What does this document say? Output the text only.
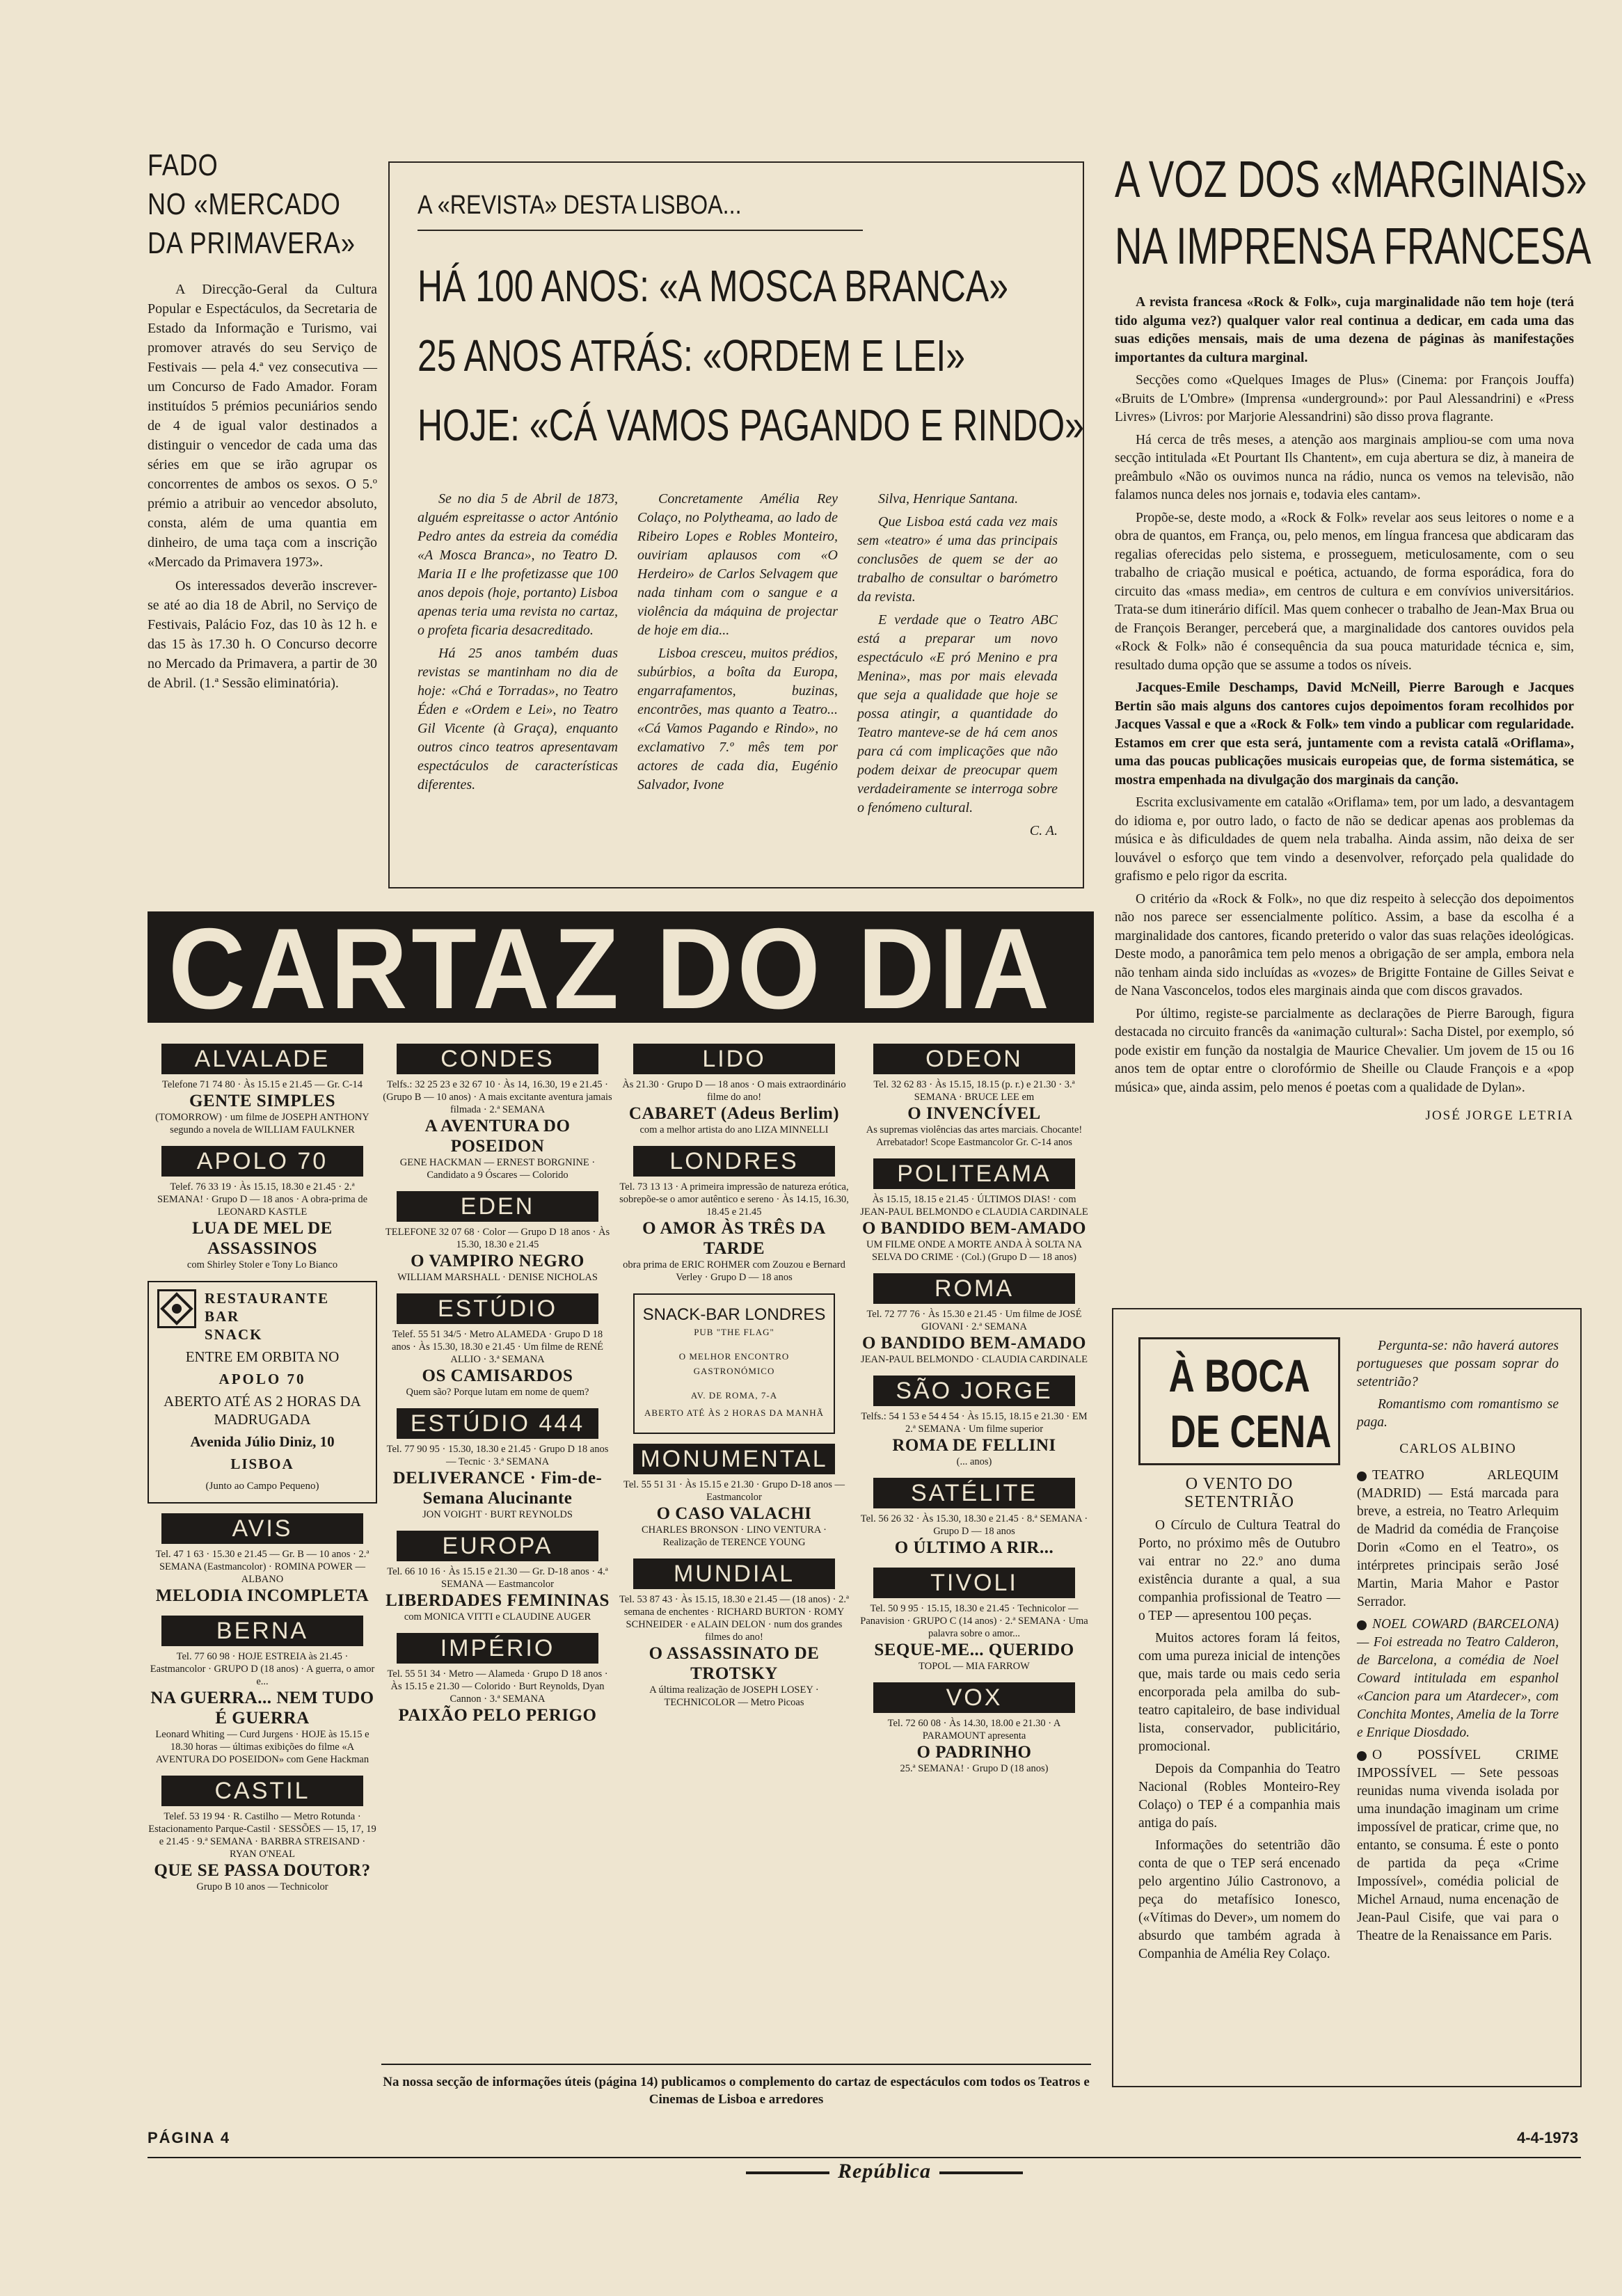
FADO
NO «MERCADO
DA PRIMAVERA»

A Direcção-Geral da Cultura Popular e Espectáculos, da Secretaria de Estado da Informação e Turismo, vai promover através do seu Serviço de Festivais — pela 4.ª vez consecutiva — um Concurso de Fado Amador. Foram instituídos 5 prémios pecuniários sendo de 4 de igual valor destinados a distinguir o vencedor de cada uma das séries em que se irão agrupar os concorrentes de ambos os sexos. O 5.º prémio a atribuir ao vencedor absoluto, consta, além de uma quantia em dinheiro, de uma taça com a inscrição «Mercado da Primavera 1973».

Os interessados deverão inscrever-se até ao dia 18 de Abril, no Serviço de Festivais, Palácio Foz, das 10 às 12 h. e das 15 às 17.30 h. O Concurso decorre no Mercado da Primavera, a partir de 30 de Abril. (1.ª Sessão eliminatória).

A «REVISTA» DESTA LISBOA...
HÁ 100 ANOS: «A MOSCA BRANCA»
25 ANOS ATRÁS: «ORDEM E LEI»
HOJE: «CÁ VAMOS PAGANDO E RINDO»

Se no dia 5 de Abril de 1873, alguém espreitasse o actor António Pedro antes da estreia da comédia «A Mosca Branca», no Teatro D. Maria II e lhe profetizasse que 100 anos depois (hoje, portanto) Lisboa apenas teria uma revista no cartaz, o profeta ficaria desacreditado.

Há 25 anos também duas revistas se mantinham no dia de hoje: «Chá e Torradas», no Teatro Éden e «Ordem e Lei», no Teatro Gil Vicente (à Graça), enquanto outros cinco teatros apresentavam espectáculos de características diferentes.

Concretamente Amélia Rey Colaço, no Polytheama, ao lado de Ribeiro Lopes e Robles Monteiro, ouviriam aplausos com «O Herdeiro» de Carlos Selvagem que nada tinham com o sangue e a violência da máquina de projectar de hoje em dia...

Lisboa cresceu, muitos prédios, subúrbios, a boîta da Europa, engarrafamentos, buzinas, encontrões, mas quanto a Teatro... «Cá Vamos Pagando e Rindo», no exclamativo 7.º mês tem por actores de cada dia, Eugénio Salvador, Ivone

Silva, Henrique Santana.

Que Lisboa está cada vez mais sem «teatro» é uma das principais conclusões de quem se der ao trabalho de consultar o barómetro da revista.

E verdade que o Teatro ABC está a preparar um novo espectáculo «E pró Menino e pra Menina», mas por mais elevada que seja a qualidade que hoje se possa atingir, a quantidade do Teatro manteve-se de há cem anos para cá com implicações que não podem deixar de preocupar quem verdadeiramente se interroga sobre o fenómeno cultural.

C. A.

A VOZ DOS «MARGINAIS»
NA IMPRENSA FRANCESA

A revista francesa «Rock & Folk», cuja marginalidade não tem hoje (terá tido alguma vez?) qualquer valor real continua a dedicar, em cada uma das suas edições mensais, mais de uma dezena de páginas às manifestações importantes da cultura marginal.

Secções como «Quelques Images de Plus» (Cinema: por François Jouffa) «Bruits de L'Ombre» (Imprensa «underground»: por Paul Alessandrini) e «Press Livres» (Livros: por Marjorie Alessandrini) são disso prova flagrante.

Há cerca de três meses, a atenção aos marginais ampliou-se com uma nova secção intitulada «Et Pourtant Ils Chantent», em cuja abertura se diz, à maneira de preâmbulo «Não os ouvimos nunca na rádio, nunca os vemos na televisão, não falamos nunca deles nos jornais e, todavia eles cantam».

Propõe-se, deste modo, a «Rock & Folk» revelar aos seus leitores o nome e a obra de quantos, em França, ou, pelo menos, em língua francesa que abdicaram das regalias oferecidas pelo sistema, e prosseguem, meticulosamente, com o seu trabalho de criação musical e poética, actuando, de forma esporádica, fora do circuito das «mass media», em centros de cultura e em convívios universitários. Trata-se dum itinerário difícil. Mas quem conhecer o trabalho de Jean-Max Brua ou de François Beranger, perceberá que, a marginalidade dos cantores ouvidos pela «Rock & Folk» não é consequência da sua pouca maturidade técnica e, sim, resultado duma opção que se assume a todos os níveis.

Jacques-Emile Deschamps, David McNeill, Pierre Barough e Jacques Bertin são mais alguns dos cantores cujos depoimentos foram recolhidos por Jacques Vassal e que a «Rock & Folk» tem vindo a publicar com regularidade. Estamos em crer que esta será, juntamente com a revista catalã «Oriflama», uma das poucas publicações musicais europeias que, de forma sistemática, se mostra empenhada na divulgação dos marginais da canção.

Escrita exclusivamente em catalão «Oriflama» tem, por um lado, a desvantagem do idioma e, por outro lado, o facto de não se dedicar apenas aos problemas da música e às dificuldades de quem nela trabalha. Ainda assim, não deixa de ser louvável o esforço que tem vindo a desenvolver, reforçado pela qualidade do grafismo e pelo rigor da escrita.

O critério da «Rock & Folk», no que diz respeito à selecção dos depoimentos não nos parece ser essencialmente político. Assim, a base da escolha é a marginalidade dos cantores, ficando preterido o valor das suas relações ideológicas. Deste modo, a panorâmica tem pelo menos a obrigação de ser ampla, embora nela não tenham ainda sido incluídas as «vozes» de Brigitte Fontaine de Gilles Seivat e de Nana Vasconcelos, todos eles marginais ainda que com discos gravados.

Por último, registe-se parcialmente as declarações de Pierre Barough, figura destacada no circuito francês da «animação cultural»: Sacha Distel, por exemplo, só pode existir em função da nostalgia de Maurice Chevalier. Um jovem de 15 ou 16 anos tem de optar entre o clorofórmio de Sheille ou Claude François e a «pop música» que, ainda assim, pelo menos é poetas com a qualidade de Dylan».

JOSÉ JORGE LETRIA

CARTAZ DO DIA
ALVALADE
Telefone 71 74 80 · Às 15.15 e 21.45 — Gr. C-14
GENTE SIMPLES
(TOMORROW) · um filme de JOSEPH ANTHONY segundo a novela de WILLIAM FAULKNER
APOLO 70
Telef. 76 33 19 · Às 15.15, 18.30 e 21.45 · 2.ª SEMANA! · Grupo D — 18 anos · A obra-prima de LEONARD KASTLE
LUA DE MEL DE ASSASSINOS
com Shirley Stoler e Tony Lo Bianco
RESTAURANTE
BAR
SNACK
ENTRE EM ORBITA NO
APOLO 70
ABERTO ATÉ AS 2 HORAS DA MADRUGADA
Avenida Júlio Diniz, 10
LISBOA
(Junto ao Campo Pequeno)
AVIS
Tel. 47 1 63 · 15.30 e 21.45 — Gr. B — 10 anos · 2.ª SEMANA (Eastmancolor) · ROMINA POWER — ALBANO
MELODIA INCOMPLETA
BERNA
Tel. 77 60 98 · HOJE ESTREIA às 21.45 · Eastmancolor · GRUPO D (18 anos) · A guerra, o amor e...
NA GUERRA... NEM TUDO É GUERRA
Leonard Whiting — Curd Jurgens · HOJE às 15.15 e 18.30 horas — últimas exibições do filme «A AVENTURA DO POSEIDON» com Gene Hackman
CASTIL
Telef. 53 19 94 · R. Castilho — Metro Rotunda · Estacionamento Parque-Castil · SESSÕES — 15, 17, 19 e 21.45 · 9.ª SEMANA · BARBRA STREISAND · RYAN O'NEAL
QUE SE PASSA DOUTOR?
Grupo B 10 anos — Technicolor
CONDES
Telfs.: 32 25 23 e 32 67 10 · Às 14, 16.30, 19 e 21.45 · (Grupo B — 10 anos) · A mais excitante aventura jamais filmada · 2.ª SEMANA
A AVENTURA DO POSEIDON
GENE HACKMAN — ERNEST BORGNINE · Candidato a 9 Óscares — Colorido
EDEN
TELEFONE 32 07 68 · Color — Grupo D 18 anos · Às 15.30, 18.30 e 21.45
O VAMPIRO NEGRO
WILLIAM MARSHALL · DENISE NICHOLAS
ESTÚDIO
Telef. 55 51 34/5 · Metro ALAMEDA · Grupo D 18 anos · Às 15.30, 18.30 e 21.45 · Um filme de RENÉ ALLIO · 3.ª SEMANA
OS CAMISARDOS
Quem são? Porque lutam em nome de quem?
ESTÚDIO 444
Tel. 77 90 95 · 15.30, 18.30 e 21.45 · Grupo D 18 anos — Tecnic · 3.ª SEMANA
DELIVERANCE · Fim-de-Semana Alucinante
JON VOIGHT · BURT REYNOLDS
EUROPA
Tel. 66 10 16 · Às 15.15 e 21.30 — Gr. D-18 anos · 4.ª SEMANA — Eastmancolor
LIBERDADES FEMININAS
com MONICA VITTI e CLAUDINE AUGER
IMPÉRIO
Tel. 55 51 34 · Metro — Alameda · Grupo D 18 anos · Às 15.15 e 21.30 — Colorido · Burt Reynolds, Dyan Cannon · 3.ª SEMANA
PAIXÃO PELO PERIGO
LIDO
Às 21.30 · Grupo D — 18 anos · O mais extraordinário filme do ano!
CABARET (Adeus Berlim)
com a melhor artista do ano LIZA MINNELLI
LONDRES
Tel. 73 13 13 · A primeira impressão de natureza erótica, sobrepõe-se o amor autêntico e sereno · Às 14.15, 16.30, 18.45 e 21.45
O AMOR ÀS TRÊS DA TARDE
obra prima de ERIC ROHMER com Zouzou e Bernard Verley · Grupo D — 18 anos
SNACK-BAR LONDRES
PUB "THE FLAG"
O MELHOR ENCONTRO GASTRONÓMICO
AV. DE ROMA, 7-A
ABERTO ATÉ ÀS 2 HORAS DA MANHÃ
MONUMENTAL
Tel. 55 51 31 · Às 15.15 e 21.30 · Grupo D-18 anos — Eastmancolor
O CASO VALACHI
CHARLES BRONSON · LINO VENTURA · Realização de TERENCE YOUNG
MUNDIAL
Tel. 53 87 43 · Às 15.15, 18.30 e 21.45 — (18 anos) · 2.ª semana de enchentes · RICHARD BURTON · ROMY SCHNEIDER · e ALAIN DELON · num dos grandes filmes do ano!
O ASSASSINATO DE TROTSKY
A última realização de JOSEPH LOSEY · TECHNICOLOR — Metro Picoas
ODEON
Tel. 32 62 83 · Às 15.15, 18.15 (p. r.) e 21.30 · 3.ª SEMANA · BRUCE LEE em
O INVENCÍVEL
As supremas violências das artes marciais. Chocante! Arrebatador! Scope Eastmancolor Gr. C-14 anos
POLITEAMA
Às 15.15, 18.15 e 21.45 · ÚLTIMOS DIAS! · com JEAN-PAUL BELMONDO e CLAUDIA CARDINALE
O BANDIDO BEM-AMADO
UM FILME ONDE A MORTE ANDA À SOLTA NA SELVA DO CRIME · (Col.) (Grupo D — 18 anos)
ROMA
Tel. 72 77 76 · Às 15.30 e 21.45 · Um filme de JOSÉ GIOVANI · 2.ª SEMANA
O BANDIDO BEM-AMADO
JEAN-PAUL BELMONDO · CLAUDIA CARDINALE
SÃO JORGE
Telfs.: 54 1 53 e 54 4 54 · Às 15.15, 18.15 e 21.30 · EM 2.ª SEMANA · Um filme superior
ROMA DE FELLINI
(... anos)
SATÉLITE
Tel. 56 26 32 · Às 15.30, 18.30 e 21.45 · 8.ª SEMANA · Grupo D — 18 anos
O ÚLTIMO A RIR...
TIVOLI
Tel. 50 9 95 · 15.15, 18.30 e 21.45 · Technicolor — Panavision · GRUPO C (14 anos) · 2.ª SEMANA · Uma palavra sobre o amor...
SEQUE-ME... QUERIDO
TOPOL — MIA FARROW
VOX
Tel. 72 60 08 · Às 14.30, 18.00 e 21.30 · A PARAMOUNT apresenta
O PADRINHO
25.ª SEMANA! · Grupo D (18 anos)
Na nossa secção de informações úteis (página 14) publicamos o complemento do cartaz de espectáculos com todos os Teatros e Cinemas de Lisboa e arredores
À BOCA
DE CENA
O VENTO DO SETENTRIÃO

O Círculo de Cultura Teatral do Porto, no próximo mês de Outubro vai entrar no 22.º ano duma existência durante a qual, a sua companhia profissional de Teatro — o TEP — apresentou 100 peças.

Muitos actores foram lá feitos, com uma pureza inicial de intenções que, mais tarde ou mais cedo seria encorporada pela amilba do sub-teatro capitaleiro, de base individual lista, conservador, publicitário, promocional.

Depois da Companhia do Teatro Nacional (Robles Monteiro-Rey Colaço) o TEP é a companhia mais antiga do país.

Informações do setentrião dão conta de que o TEP será encenado pelo argentino Júlio Castronovo, a peça do metafísico Ionesco, («Vítimas do Dever», um nomem do absurdo que também agrada à Companhia de Amélia Rey Colaço.

Pergunta-se: não haverá autores portugueses que possam soprar do setentrião?

Romantismo com romantismo se paga.

CARLOS ALBINO

TEATRO ARLEQUIM (MADRID) — Está marcada para breve, a estreia, no Teatro Arlequim de Madrid da comédia de Françoise Dorin «Como en el Teatro», os intérpretes principais serão José Martin, Maria Mahor e Pastor Serrador.

NOEL COWARD (BARCELONA) — Foi estreada no Teatro Calderon, de Barcelona, a comédia de Noel Coward intitulada em espanhol «Cancion para um Atardecer», com Conchita Montes, Amelia de la Torre e Enrique Diosdado.

O POSSÍVEL CRIME IMPOSSÍVEL — Sete pessoas reunidas numa vivenda isolada por uma inundação imaginam um crime impossível de praticar, crime que, no entanto, se consuma. É este o ponto de partida da peça «Crime Impossível», comédia policial de Michel Arnaud, numa encenação de Jean-Paul Cisife, que vai para o Theatre de la Renaissance em Paris.

PÁGINA 4
República
4-4-1973
